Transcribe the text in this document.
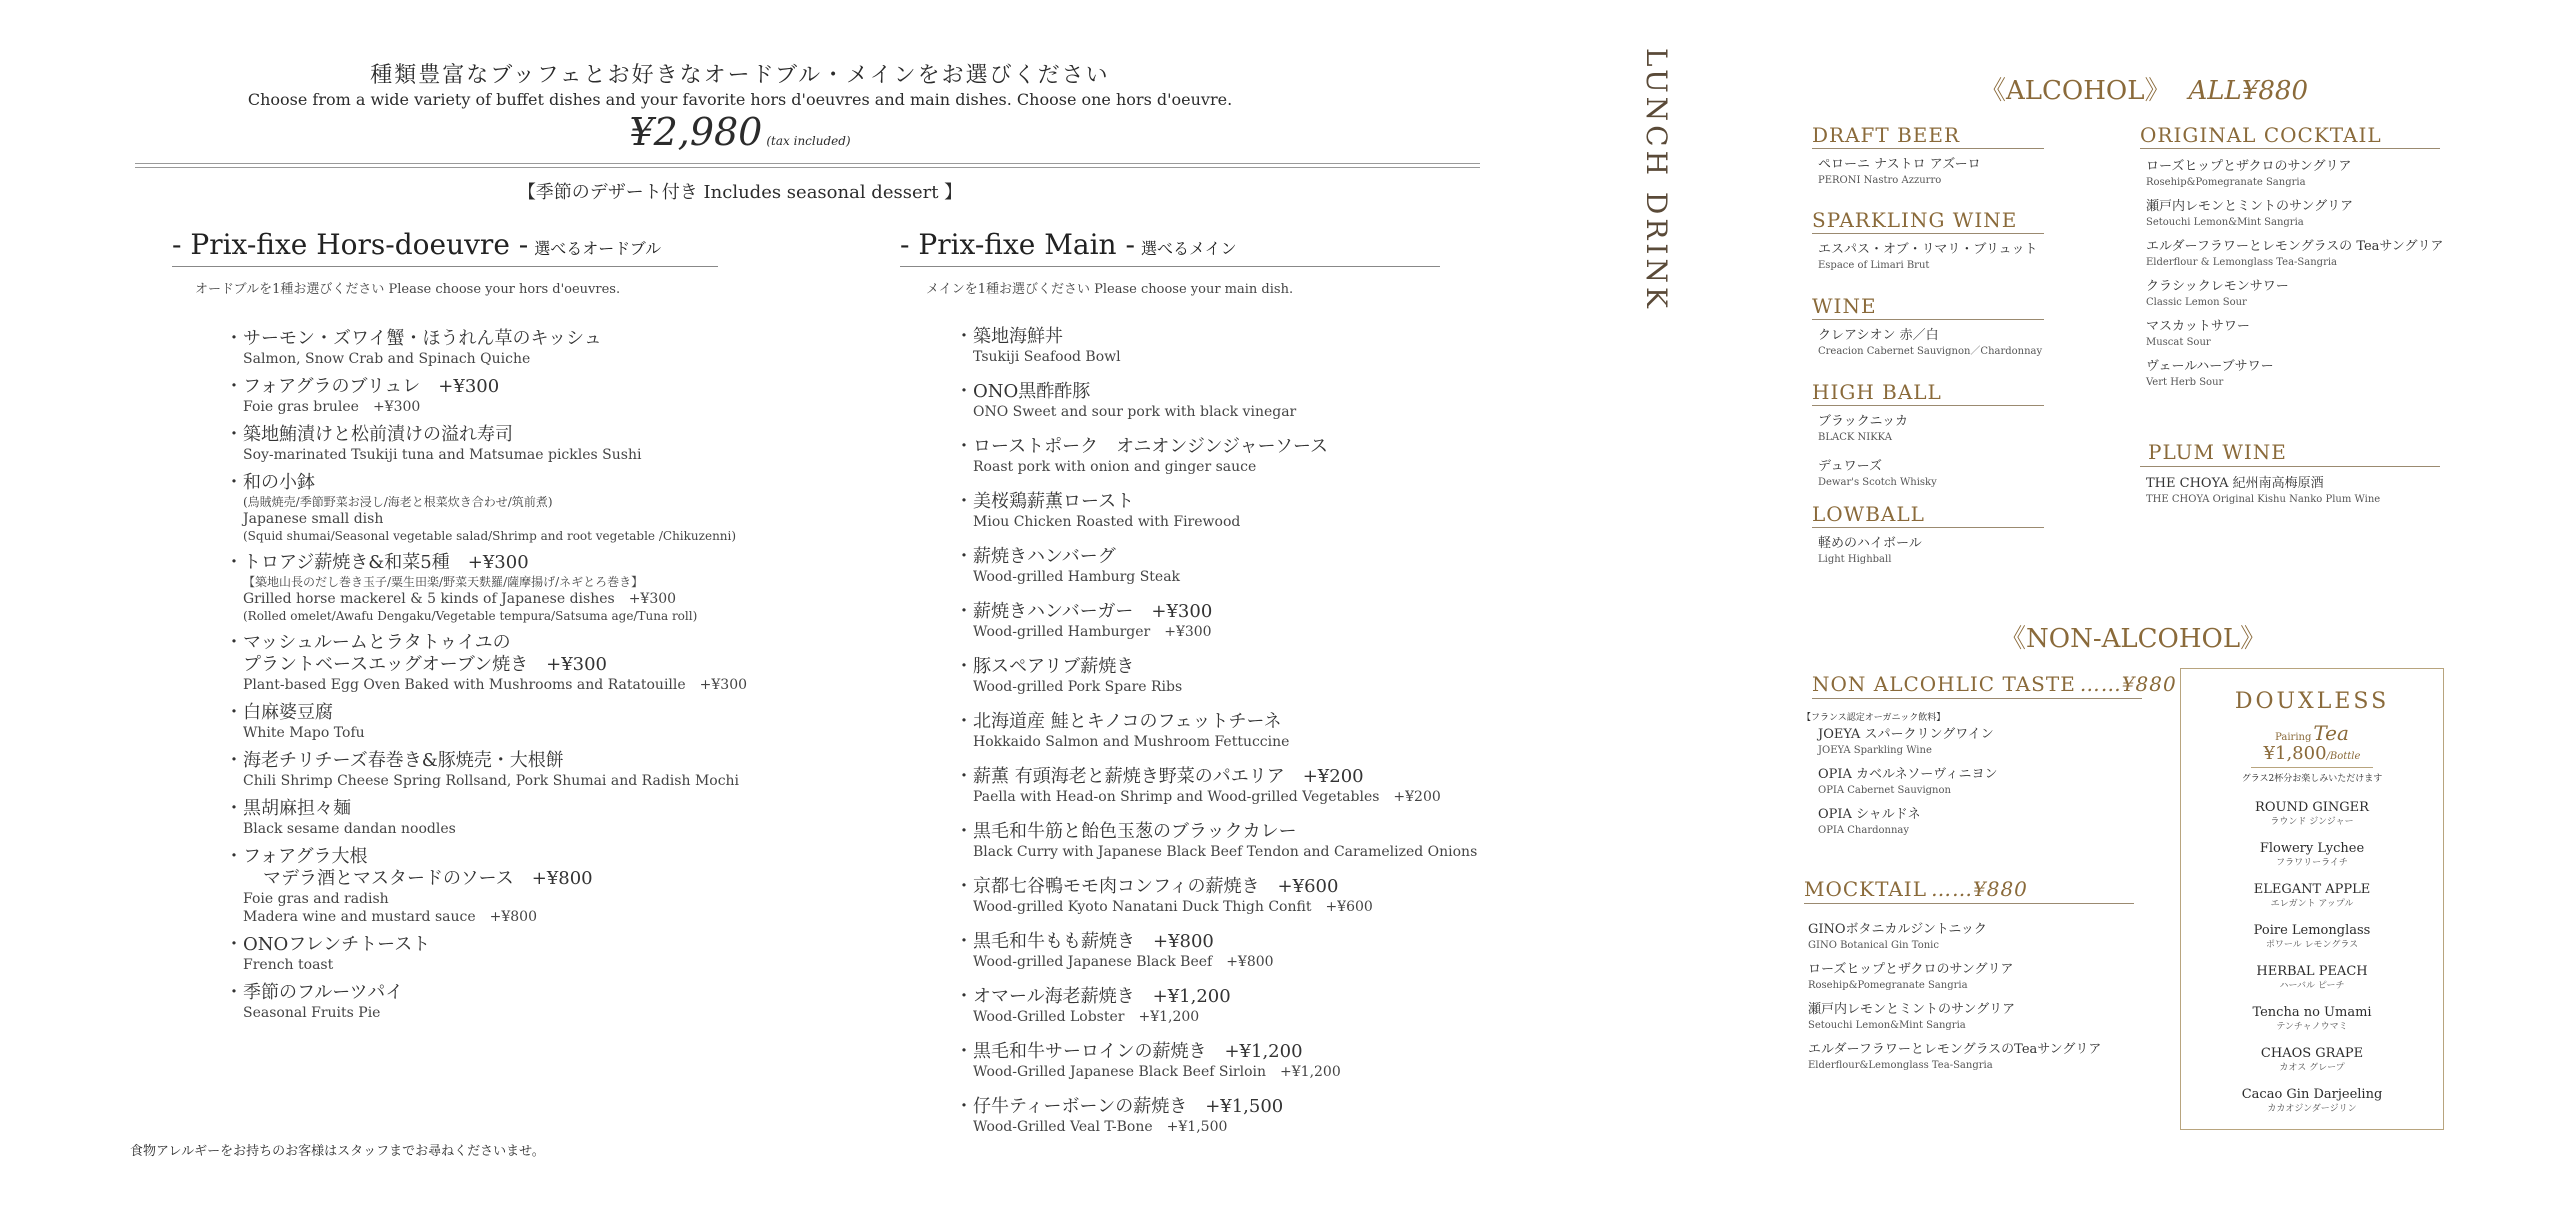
種類豊富なブッフェとお好きなオードブル・メインをお選びください
Choose from a wide variety of buffet dishes and your favorite hors d'oeuvres and main dishes. Choose one hors d'oeuvre.
¥2,980 (tax included)
【季節のデザート付き Includes seasonal dessert 】
- Prix-fixe Hors-doeuvre - 選べるオードブル
オードブルを1種お選びください Please choose your hors d'oeuvres.
・サーモン・ズワイ蟹・ほうれん草のキッシュ
Salmon, Snow Crab and Spinach Quiche
・フォアグラのブリュレ　+¥300
Foie gras brulee　+¥300
・築地鮪漬けと松前漬けの溢れ寿司
Soy-marinated Tsukiji tuna and Matsumae pickles Sushi
・和の小鉢
(烏賊焼売/季節野菜お浸し/海老と根菜炊き合わせ/筑前煮)
Japanese small dish
(Squid shumai/Seasonal vegetable salad/Shrimp and root vegetable /Chikuzenni)
・トロアジ薪焼き&和菜5種　+¥300
【築地山長のだし巻き玉子/粟生田楽/野菜天麩羅/薩摩揚げ/ネギとろ巻き】
Grilled horse mackerel & 5 kinds of Japanese dishes　+¥300
(Rolled omelet/Awafu Dengaku/Vegetable tempura/Satsuma age/Tuna roll)
・マッシュルームとラタトゥイユの
プラントベースエッグオーブン焼き　+¥300
Plant-based Egg Oven Baked with Mushrooms and Ratatouille　+¥300
・白麻婆豆腐
White Mapo Tofu
・海老チリチーズ春巻き&豚焼売・大根餅
Chili Shrimp Cheese Spring Rollsand, Pork Shumai and Radish Mochi
・黒胡麻担々麺
Black sesame dandan noodles
・フォアグラ大根
マデラ酒とマスタードのソース　+¥800
Foie gras and radish
Madera wine and mustard sauce　+¥800
・ONOフレンチトースト
French toast
・季節のフルーツパイ
Seasonal Fruits Pie
- Prix-fixe Main - 選べるメイン
メインを1種お選びください Please choose your main dish.
・築地海鮮丼
Tsukiji Seafood Bowl
・ONO黒酢酢豚
ONO Sweet and sour pork with black vinegar
・ローストポーク　オニオンジンジャーソース
Roast pork with onion and ginger sauce
・美桜鶏薪薫ロースト
Miou Chicken Roasted with Firewood
・薪焼きハンバーグ
Wood-grilled Hamburg Steak
・薪焼きハンバーガー　+¥300
Wood-grilled Hamburger　+¥300
・豚スペアリブ薪焼き
Wood-grilled Pork Spare Ribs
・北海道産 鮭とキノコのフェットチーネ
Hokkaido Salmon and Mushroom Fettuccine
・薪薫 有頭海老と薪焼き野菜のパエリア　+¥200
Paella with Head-on Shrimp and Wood-grilled Vegetables　+¥200
・黒毛和牛筋と飴色玉葱のブラックカレー
Black Curry with Japanese Black Beef Tendon and Caramelized Onions
・京都七谷鴨モモ肉コンフィの薪焼き　+¥600
Wood-grilled Kyoto Nanatani Duck Thigh Confit　+¥600
・黒毛和牛もも薪焼き　+¥800
Wood-grilled Japanese Black Beef　+¥800
・オマール海老薪焼き　+¥1,200
Wood-Grilled Lobster　+¥1,200
・黒毛和牛サーロインの薪焼き　+¥1,200
Wood-Grilled Japanese Black Beef Sirloin　+¥1,200
・仔牛ティーボーンの薪焼き　+¥1,500
Wood-Grilled Veal T-Bone　+¥1,500
食物アレルギーをお持ちのお客様はスタッフまでお尋ねくださいませ。
LUNCH DRINK	《ALCOHOL》 ALL¥880
DRAFT BEER
ペローニ ナストロ アズーロ
PERONI Nastro Azzurro
SPARKLING WINE
エスパス・オブ・リマリ・ブリュット
Espace of Limari Brut
WINE
クレアシオン 赤／白
Creacion Cabernet Sauvignon／Chardonnay
HIGH BALL
ブラックニッカ
BLACK NIKKA
デュワーズ
Dewar's Scotch Whisky
LOWBALL
軽めのハイボール
Light Highball
ORIGINAL COCKTAIL
ローズヒップとザクロのサングリア
Rosehip&Pomegranate Sangria
瀬戸内レモンとミントのサングリア
Setouchi Lemon&Mint Sangria
エルダーフラワーとレモングラスの Teaサングリア
Elderflour & Lemonglass Tea-Sangria
クラシックレモンサワー
Classic Lemon Sour
マスカットサワー
Muscat Sour
ヴェールハーブサワー
Vert Herb Sour
PLUM WINE
THE CHOYA 紀州南高梅原酒
THE CHOYA Original Kishu Nanko Plum Wine
《NON-ALCOHOL》
NON ALCOHLIC TASTE ……¥880
【フランス認定オーガニック飲料】
JOEYA スパークリングワイン
JOEYA Sparkling Wine
OPIA カベルネソーヴィニヨン
OPIA Cabernet Sauvignon
OPIA シャルドネ
OPIA Chardonnay
MOCKTAIL ……¥880
GINOボタニカルジントニック
GINO Botanical Gin Tonic
ローズヒップとザクロのサングリア
Rosehip&Pomegranate Sangria
瀬戸内レモンとミントのサングリア
Setouchi Lemon&Mint Sangria
エルダーフラワーとレモングラスのTeaサングリア
Elderflour&Lemonglass Tea-Sangria
DOUXLESS
Pairing Tea
¥1,800/Bottle
グラス2杯分お楽しみいただけます
ROUND GINGER
ラウンド ジンジャー
Flowery Lychee
フラワリーライチ
ELEGANT APPLE
エレガント アップル
Poire Lemonglass
ポワール レモングラス
HERBAL PEACH
ハーバル ピーチ
Tencha no Umami
テンチャノウマミ
CHAOS GRAPE
カオス グレープ
Cacao Gin Darjeeling
カカオジンダージリン
